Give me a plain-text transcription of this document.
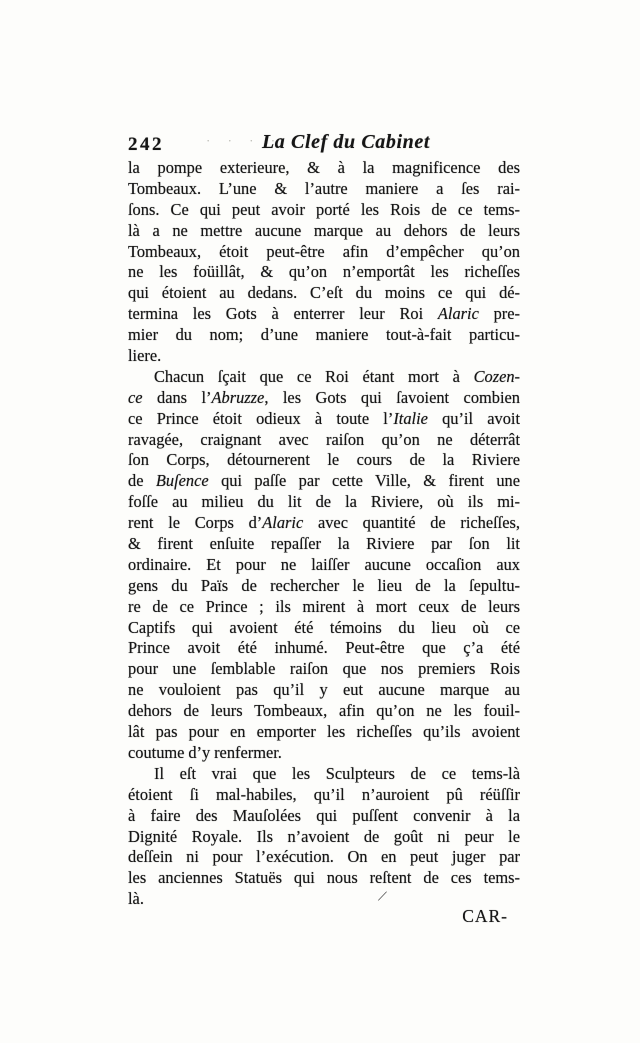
242	· · · ·
La Clef du Cabinet
la pompe exterieure, & à la magnificence des
Tombeaux. L’une & l’autre maniere a ſes rai-
ſons. Ce qui peut avoir porté les Rois de ce tems-
là a ne mettre aucune marque au dehors de leurs
Tombeaux, étoit peut-être afin d’empêcher qu’on
ne les foüillât, & qu’on n’emportât les richeſſes
qui étoient au dedans. C’eſt du moins ce qui dé-
termina les Gots à enterrer leur Roi Alaric pre-
mier du nom; d’une maniere tout-à-fait particu-
liere.
Chacun ſçait que ce Roi étant mort à Cozen-
ce dans l’Abruzze, les Gots qui ſavoient combien
ce Prince étoit odieux à toute l’Italie qu’il avoit
ravagée, craignant avec raiſon qu’on ne déterrât
ſon Corps, détournerent le cours de la Riviere
de Buſence qui paſſe par cette Ville, & firent une
foſſe au milieu du lit de la Riviere, où ils mi-
rent le Corps d’Alaric avec quantité de richeſſes,
& firent enſuite repaſſer la Riviere par ſon lit
ordinaire. Et pour ne laiſſer aucune occaſion aux
gens du Païs de rechercher le lieu de la ſepultu-
re de ce Prince ; ils mirent à mort ceux de leurs
Captifs qui avoient été témoins du lieu où ce
Prince avoit été inhumé. Peut-être que ç’a été
pour une ſemblable raiſon que nos premiers Rois
ne vouloient pas qu’il y eut aucune marque au
dehors de leurs Tombeaux, afin qu’on ne les fouil-
lât pas pour en emporter les richeſſes qu’ils avoient
coutume d’y renfermer.
Il eſt vrai que les Sculpteurs de ce tems-là
étoient ſi mal-habiles, qu’il n’auroient pû réüſſir
à faire des Mauſolées qui puſſent convenir à la
Dignité Royale. Ils n’avoient de goût ni peur le
deſſein ni pour l’exécution. On en peut juger par
les anciennes Statuës qui nous reſtent de ces tems-
là.	⁄
CAR-
